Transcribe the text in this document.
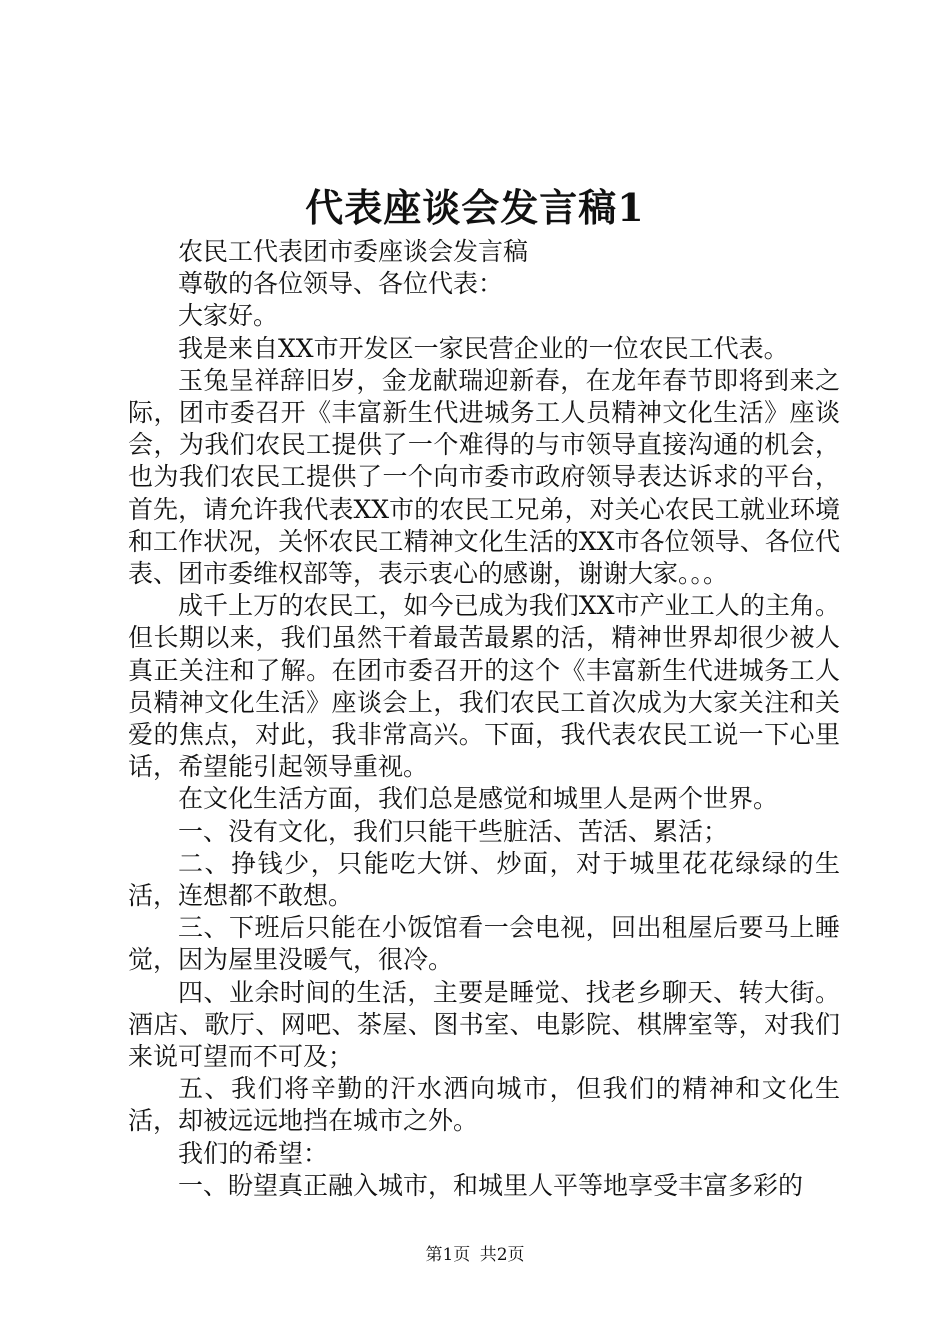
代表座谈会发言稿1

农民工代表团市委座谈会发言稿

尊敬的各位领导、各位代表：

大家好。

我是来自XX市开发区一家民营企业的一位农民工代表。

玉兔呈祥辞旧岁，金龙献瑞迎新春，在龙年春节即将到来之际，团市委召开《丰富新生代进城务工人员精神文化生活》座谈会，为我们农民工提供了一个难得的与市领导直接沟通的机会，也为我们农民工提供了一个向市委市政府领导表达诉求的平台，首先，请允许我代表XX市的农民工兄弟，对关心农民工就业环境和工作状况，关怀农民工精神文化生活的XX市各位领导、各位代表、团市委维权部等，表示衷心的感谢，谢谢大家。。。

成千上万的农民工，如今已成为我们XX市产业工人的主角。但长期以来，我们虽然干着最苦最累的活，精神世界却很少被人真正关注和了解。在团市委召开的这个《丰富新生代进城务工人员精神文化生活》座谈会上，我们农民工首次成为大家关注和关爱的焦点，对此，我非常高兴。下面，我代表农民工说一下心里话，希望能引起领导重视。

在文化生活方面，我们总是感觉和城里人是两个世界。

一、没有文化，我们只能干些脏活、苦活、累活；

二、挣钱少，只能吃大饼、炒面，对于城里花花绿绿的生活，连想都不敢想。

三、下班后只能在小饭馆看一会电视，回出租屋后要马上睡觉，因为屋里没暖气，很冷。

四、业余时间的生活，主要是睡觉、找老乡聊天、转大街。酒店、歌厅、网吧、茶屋、图书室、电影院、棋牌室等，对我们来说可望而不可及；

五、我们将辛勤的汗水洒向城市，但我们的精神和文化生活，却被远远地挡在城市之外。

我们的希望：

一、盼望真正融入城市，和城里人平等地享受丰富多彩的

第1页 共2页
